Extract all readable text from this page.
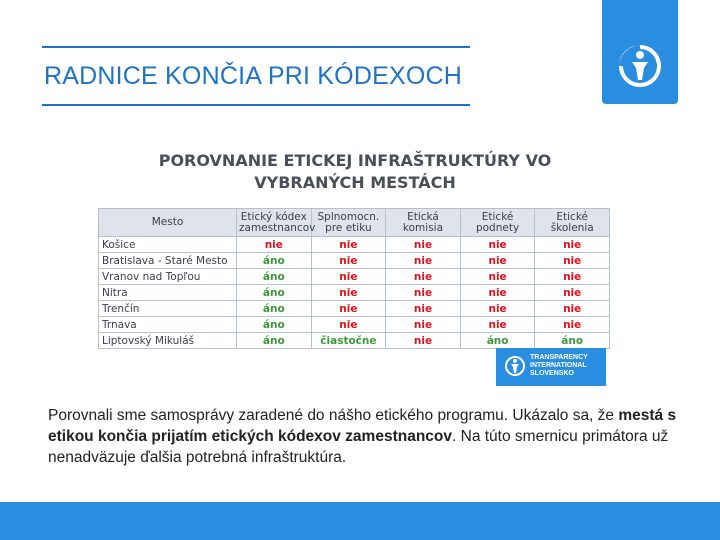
RADNICE KONČIA PRI KÓDEXOCH
POROVNANIE ETICKEJ INFRAŠTRUKTÚRY VO
VYBRANÝCH MESTÁCH
Mesto	Etický kódex zamestnancov	Splnomocn. pre etiku	Etická komisia	Etické podnety	Etické školenia
Košice	nie	nie	nie	nie	nie
Bratislava - Staré Mesto	áno	nie	nie	nie	nie
Vranov nad Topľou	áno	nie	nie	nie	nie
Nitra	áno	nie	nie	nie	nie
Trenčín	áno	nie	nie	nie	nie
Trnava	áno	nie	nie	nie	nie
Liptovský Mikuláš	áno	čiastočne	nie	áno	áno
TRANSPARENCY
INTERNATIONAL
SLOVENSKO
Porovnali sme samosprávy zaradené do nášho etického programu. Ukázalo sa, že mestá s etikou končia prijatím etických kódexov zamestnancov. Na túto smernicu primátora už nenadväzuje ďalšia potrebná infraštruktúra.
